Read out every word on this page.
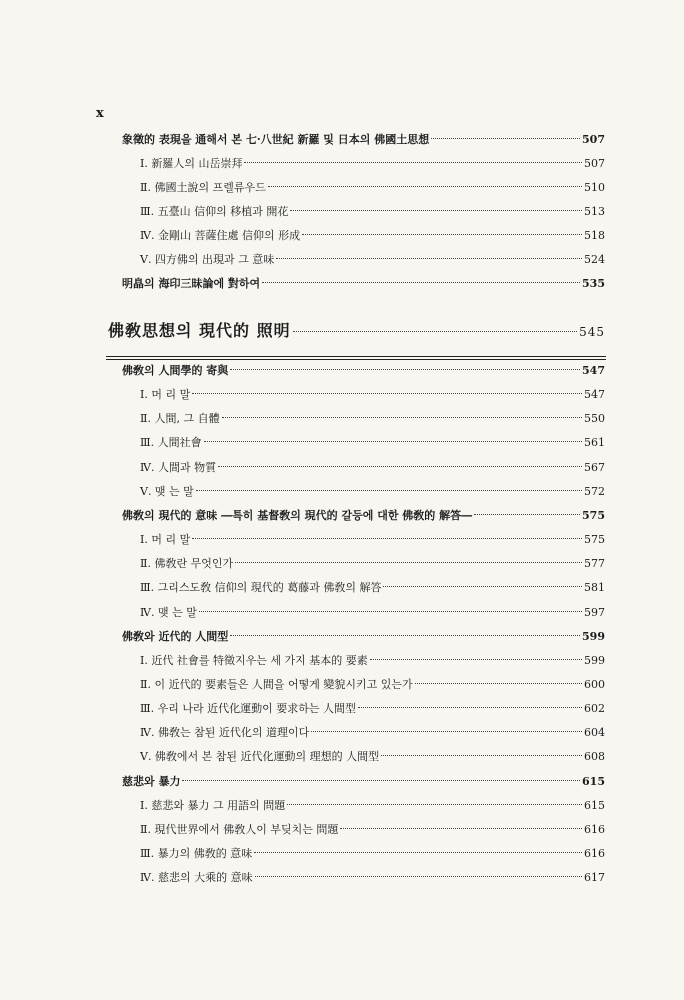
x
佛敎思想의 現代的 照明	545
象徵的 表現을 通해서 본 七·八世紀 新羅 및 日本의 佛國土思想	507
Ⅰ. 新羅人의 山岳崇拜	507
Ⅱ. 佛國土說의 프렐류우드	510
Ⅲ. 五臺山 信仰의 移植과 開花	513
Ⅳ. 金剛山 菩薩住處 信仰의 形成	518
Ⅴ. 四方佛의 出現과 그 意味	524
明皛의 海印三昧論에 對하여	535
佛敎의 人間學的 寄與	547
Ⅰ. 머 리 말	547
Ⅱ. 人間, 그 自體	550
Ⅲ. 人間社會	561
Ⅳ. 人間과 物質	567
Ⅴ. 맺 는 말	572
佛敎의 現代的 意味 ―특히 基督敎의 現代的 갈등에 대한 佛敎的 解答―	575
Ⅰ. 머 리 말	575
Ⅱ. 佛敎란 무엇인가	577
Ⅲ. 그리스도敎 信仰의 現代的 葛藤과 佛敎의 解答	581
Ⅳ. 맺 는 말	597
佛敎와 近代的 人間型	599
Ⅰ. 近代 社會를 特徵지우는 세 가지 基本的 要素	599
Ⅱ. 이 近代的 要素들은 人間을 어떻게 變貌시키고 있는가	600
Ⅲ. 우리 나라 近代化運動이 要求하는 人間型	602
Ⅳ. 佛敎는 참된 近代化의 道理이다	604
Ⅴ. 佛敎에서 본 참된 近代化運動의 理想的 人間型	608
慈悲와 暴力	615
Ⅰ. 慈悲와 暴力 그 用語의 問題	615
Ⅱ. 現代世界에서 佛敎人이 부딪치는 問題	616
Ⅲ. 暴力의 佛敎的 意味	616
Ⅳ. 慈悲의 大乘的 意味	617
